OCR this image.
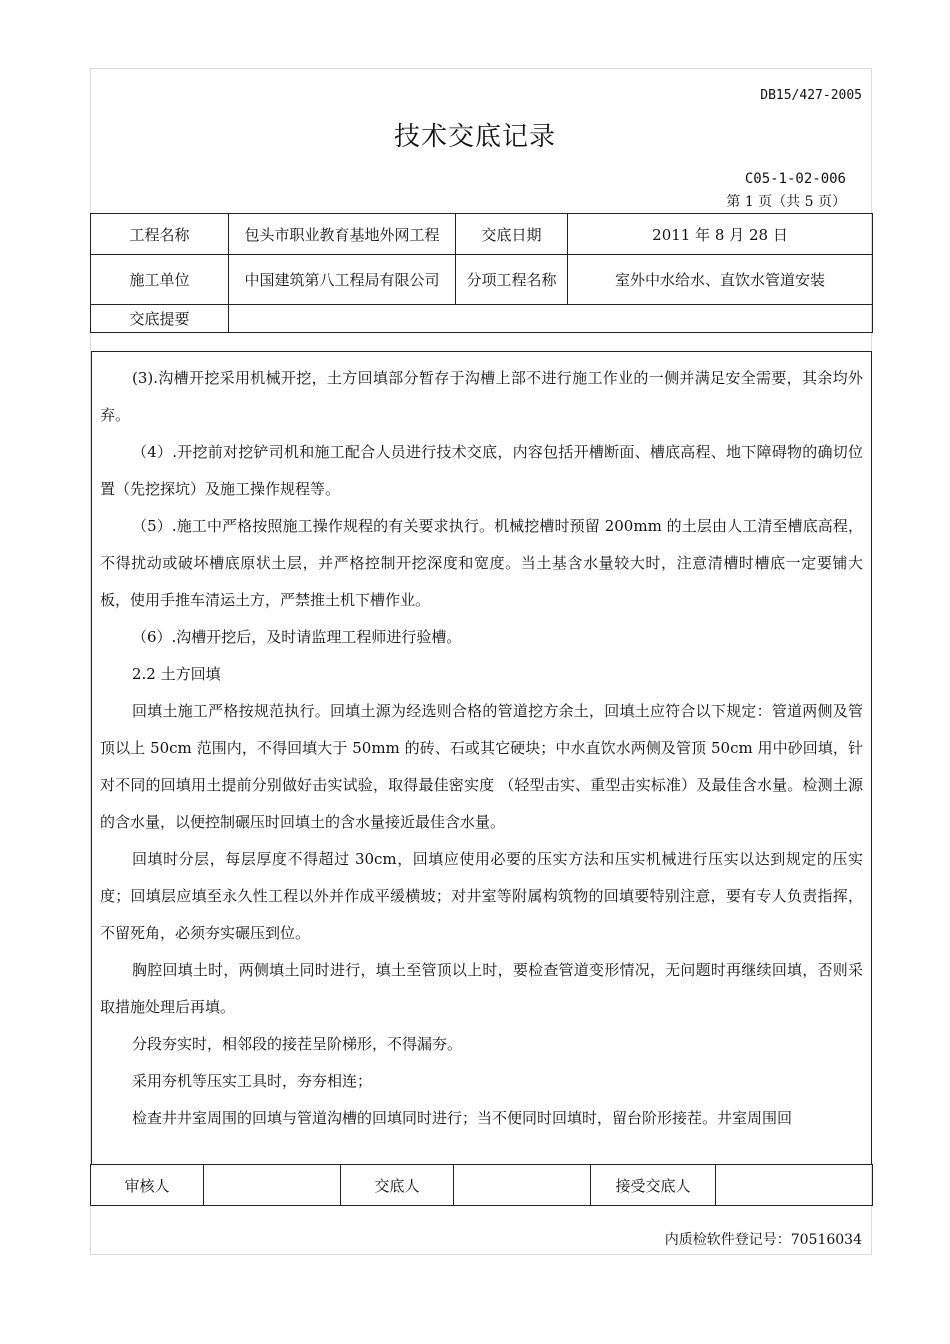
DB15/427-2005
技术交底记录
C05-1-02-006
第 1 页（共 5 页）
工程名称	包头市职业教育基地外网工程	交底日期	2011 年 8 月 28 日
施工单位	中国建筑第八工程局有限公司	分项工程名称	室外中水给水、直饮水管道安装
交底提要			

(3).沟槽开挖采用机械开挖，土方回填部分暂存于沟槽上部不进行施工作业的一侧并满足安全需要，其余均外弃。

（4）.开挖前对挖铲司机和施工配合人员进行技术交底，内容包括开槽断面、槽底高程、地下障碍物的确切位置（先挖探坑）及施工操作规程等。

（5）.施工中严格按照施工操作规程的有关要求执行。机械挖槽时预留 200mm 的土层由人工清至槽底高程，不得扰动或破坏槽底原状土层，并严格控制开挖深度和宽度。当土基含水量较大时，注意清槽时槽底一定要铺大板，使用手推车清运土方，严禁推土机下槽作业。

（6）.沟槽开挖后，及时请监理工程师进行验槽。

2.2 土方回填

回填土施工严格按规范执行。回填土源为经选则合格的管道挖方余土，回填土应符合以下规定：管道两侧及管顶以上 50cm 范围内，不得回填大于 50mm 的砖、石或其它硬块；中水直饮水两侧及管顶 50cm 用中砂回填，针对不同的回填用土提前分别做好击实试验，取得最佳密实度 （轻型击实、重型击实标准）及最佳含水量。检测土源的含水量，以便控制碾压时回填土的含水量接近最佳含水量。

回填时分层，每层厚度不得超过 30cm，回填应使用必要的压实方法和压实机械进行压实以达到规定的压实度；回填层应填至永久性工程以外并作成平缓横坡；对井室等附属构筑物的回填要特别注意，要有专人负责指挥，不留死角，必须夯实碾压到位。

胸腔回填土时，两侧填土同时进行，填土至管顶以上时，要检查管道变形情况，无问题时再继续回填，否则采取措施处理后再填。

分段夯实时，相邻段的接茬呈阶梯形，不得漏夯。

采用夯机等压实工具时，夯夯相连；

检查井井室周围的回填与管道沟槽的回填同时进行；当不便同时回填时，留台阶形接茬。井室周围回

审核人		交底人		接受交底人	
内质检软件登记号：70516034
